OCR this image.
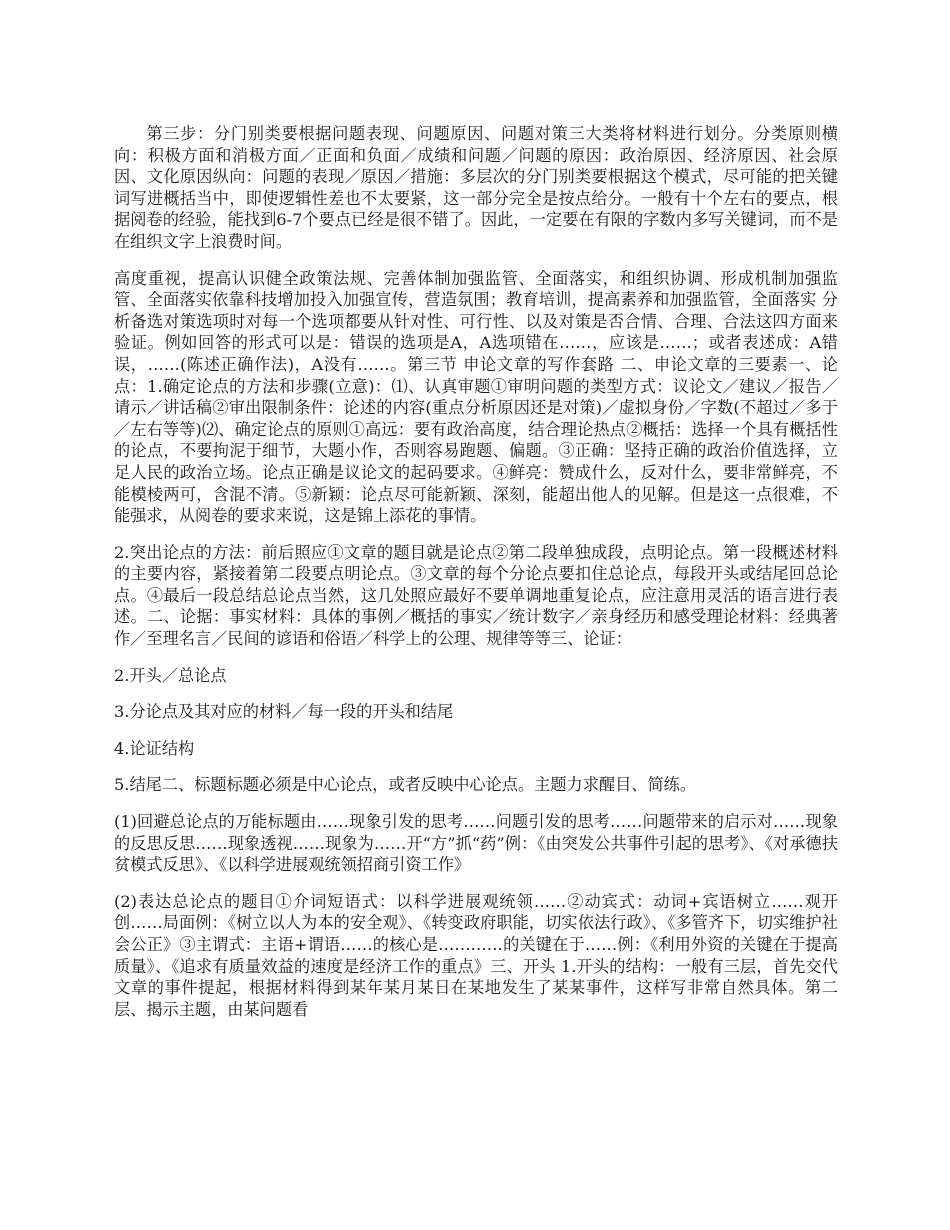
第三步：分门别类要根据问题表现、问题原因、问题对策三大类将材料进行划分。分类原则横向：积极方面和消极方面／正面和负面／成绩和问题／问题的原因：政治原因、经济原因、社会原因、文化原因纵向：问题的表现／原因／措施：多层次的分门别类要根据这个模式，尽可能的把关键词写进概括当中，即使逻辑性差也不太要紧，这一部分完全是按点给分。一般有十个左右的要点，根据阅卷的经验，能找到6-7个要点已经是很不错了。因此，一定要在有限的字数内多写关键词，而不是在组织文字上浪费时间。

高度重视，提高认识健全政策法规、完善体制加强监管、全面落实，和组织协调、形成机制加强监管、全面落实依靠科技增加投入加强宣传，营造氛围；教育培训，提高素养和加强监管，全面落实 分析备选对策选项时对每一个选项都要从针对性、可行性、以及对策是否合情、合理、合法这四方面来验证。例如回答的形式可以是：错误的选项是A，A选项错在……，应该是……；或者表述成：A错误，……(陈述正确作法)，A没有……。第三节 申论文章的写作套路 二、申论文章的三要素一、论点：1.确定论点的方法和步骤(立意)：⑴、认真审题①审明问题的类型方式：议论文／建议／报告／请示／讲话稿②审出限制条件：论述的内容(重点分析原因还是对策)／虚拟身份／字数(不超过／多于／左右等等)⑵、确定论点的原则①高远：要有政治高度，结合理论热点②概括：选择一个具有概括性的论点，不要拘泥于细节，大题小作，否则容易跑题、偏题。③正确：坚持正确的政治价值选择，立足人民的政治立场。论点正确是议论文的起码要求。④鲜亮：赞成什么，反对什么，要非常鲜亮，不能模棱两可，含混不清。⑤新颖：论点尽可能新颖、深刻，能超出他人的见解。但是这一点很难，不能强求，从阅卷的要求来说，这是锦上添花的事情。

2.突出论点的方法：前后照应①文章的题目就是论点②第二段单独成段，点明论点。第一段概述材料的主要内容，紧接着第二段要点明论点。③文章的每个分论点要扣住总论点，每段开头或结尾回总论点。④最后一段总结总论点当然，这几处照应最好不要单调地重复论点，应注意用灵活的语言进行表述。二、论据：事实材料：具体的事例／概括的事实／统计数字／亲身经历和感受理论材料：经典著作／至理名言／民间的谚语和俗语／科学上的公理、规律等等三、论证：

2.开头／总论点

3.分论点及其对应的材料／每一段的开头和结尾

4.论证结构

5.结尾二、标题标题必须是中心论点，或者反映中心论点。主题力求醒目、简练。

(1)回避总论点的万能标题由……现象引发的思考……问题引发的思考……问题带来的启示对……现象的反思反思……现象透视……现象为……开“方”抓“药”例：《由突发公共事件引起的思考》、《对承德扶贫模式反思》、《以科学进展观统领招商引资工作》

(2)表达总论点的题目①介词短语式：以科学进展观统领……②动宾式：动词+宾语树立……观开创……局面例：《树立以人为本的安全观》、《转变政府职能，切实依法行政》、《多管齐下，切实维护社会公正》③主谓式：主语+谓语……的核心是…………的关键在于……例：《利用外资的关键在于提高质量》、《追求有质量效益的速度是经济工作的重点》三、开头 1.开头的结构：一般有三层，首先交代文章的事件提起，根据材料得到某年某月某日在某地发生了某某事件，这样写非常自然具体。第二层、揭示主题，由某问题看
